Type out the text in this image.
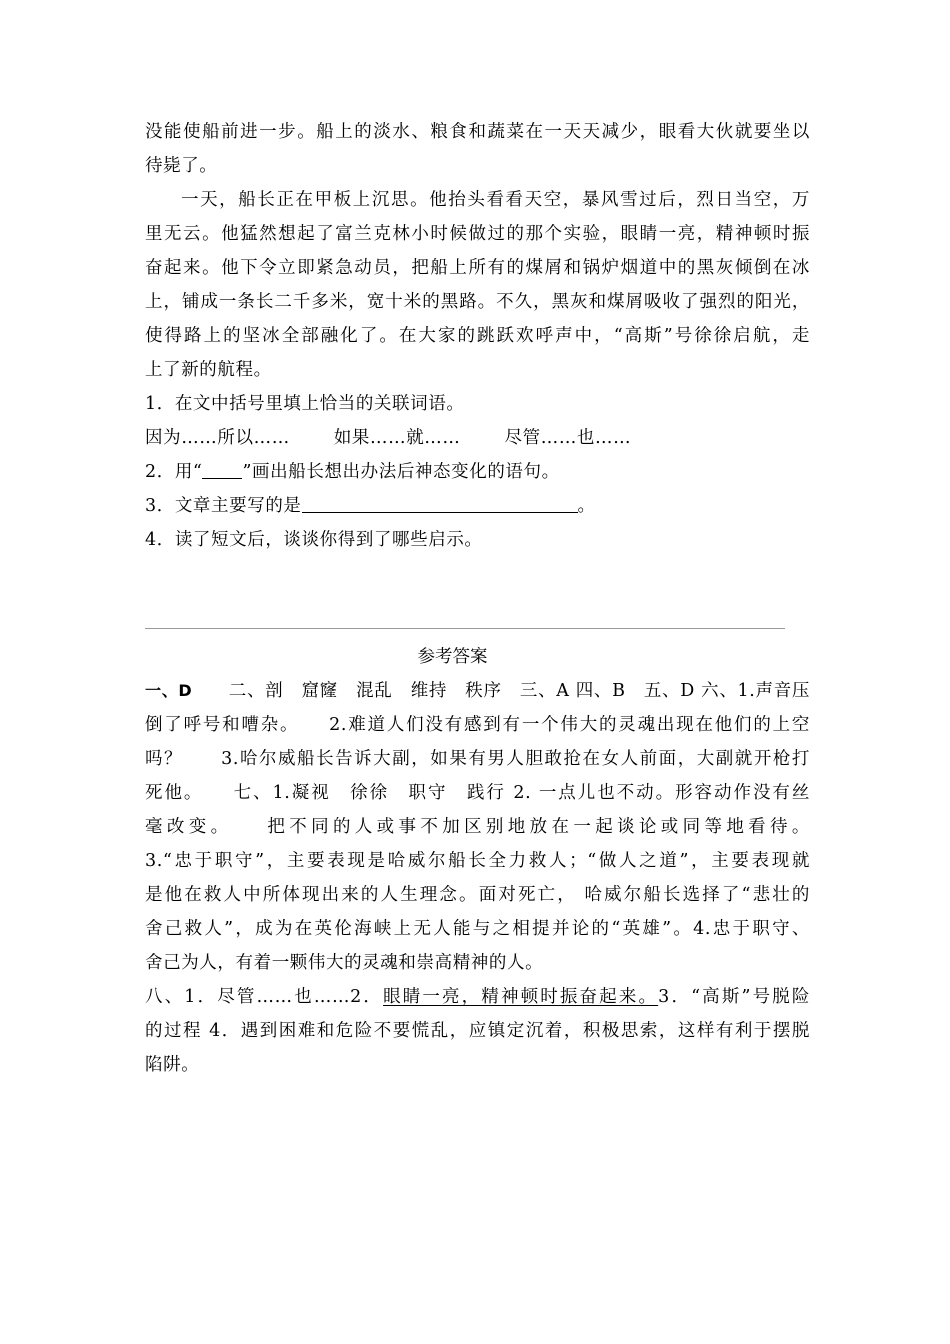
没能使船前进一步。船上的淡水、粮食和蔬菜在一天天减少，眼看大伙就要坐以
待毙了。
一天，船长正在甲板上沉思。他抬头看看天空，暴风雪过后，烈日当空，万
里无云。他猛然想起了富兰克林小时候做过的那个实验，眼睛一亮，精神顿时振
奋起来。他下令立即紧急动员，把船上所有的煤屑和锅炉烟道中的黑灰倾倒在冰
上，铺成一条长二千多米，宽十米的黑路。不久，黑灰和煤屑吸收了强烈的阳光，
使得路上的坚冰全部融化了。在大家的跳跃欢呼声中，“高斯”号徐徐启航，走
上了新的航程。
1．在文中括号里填上恰当的关联词语。
因为……所以……	如果……就……	尽管……也……
2．用“ ”画出船长想出办法后神态变化的语句。
3．文章主要写的是	。
4．读了短文后，谈谈你得到了哪些启示。
参考答案
一、D　　 二、剖　窟窿　混乱　维持　秩序　三、A 四、B　五、D 六、1.声音压
倒了呼号和嘈杂。　　2.难道人们没有感到有一个伟大的灵魂出现在他们的上空
吗？　　3.哈尔威船长告诉大副，如果有男人胆敢抢在女人前面，大副就开枪打
死他。　　七、1.凝视　徐徐　职守　践行 2. 一点儿也不动。形容动作没有丝
毫改变。　　把不同的人或事不加区别地放在一起谈论或同等地看待。
3.“忠于职守”，主要表现是哈威尔船长全力救人；“做人之道”，主要表现就
是他在救人中所体现出来的人生理念。面对死亡， 哈威尔船长选择了“悲壮的
舍己救人”，成为在英伦海峡上无人能与之相提并论的“英雄”。4.忠于职守、
舍己为人，有着一颗伟大的灵魂和崇高精神的人。
八、1．尽管……也……2．眼睛一亮，精神顿时振奋起来。3．“高斯”号脱险
的过程 4．遇到困难和危险不要慌乱，应镇定沉着，积极思索，这样有利于摆脱
陷阱。
